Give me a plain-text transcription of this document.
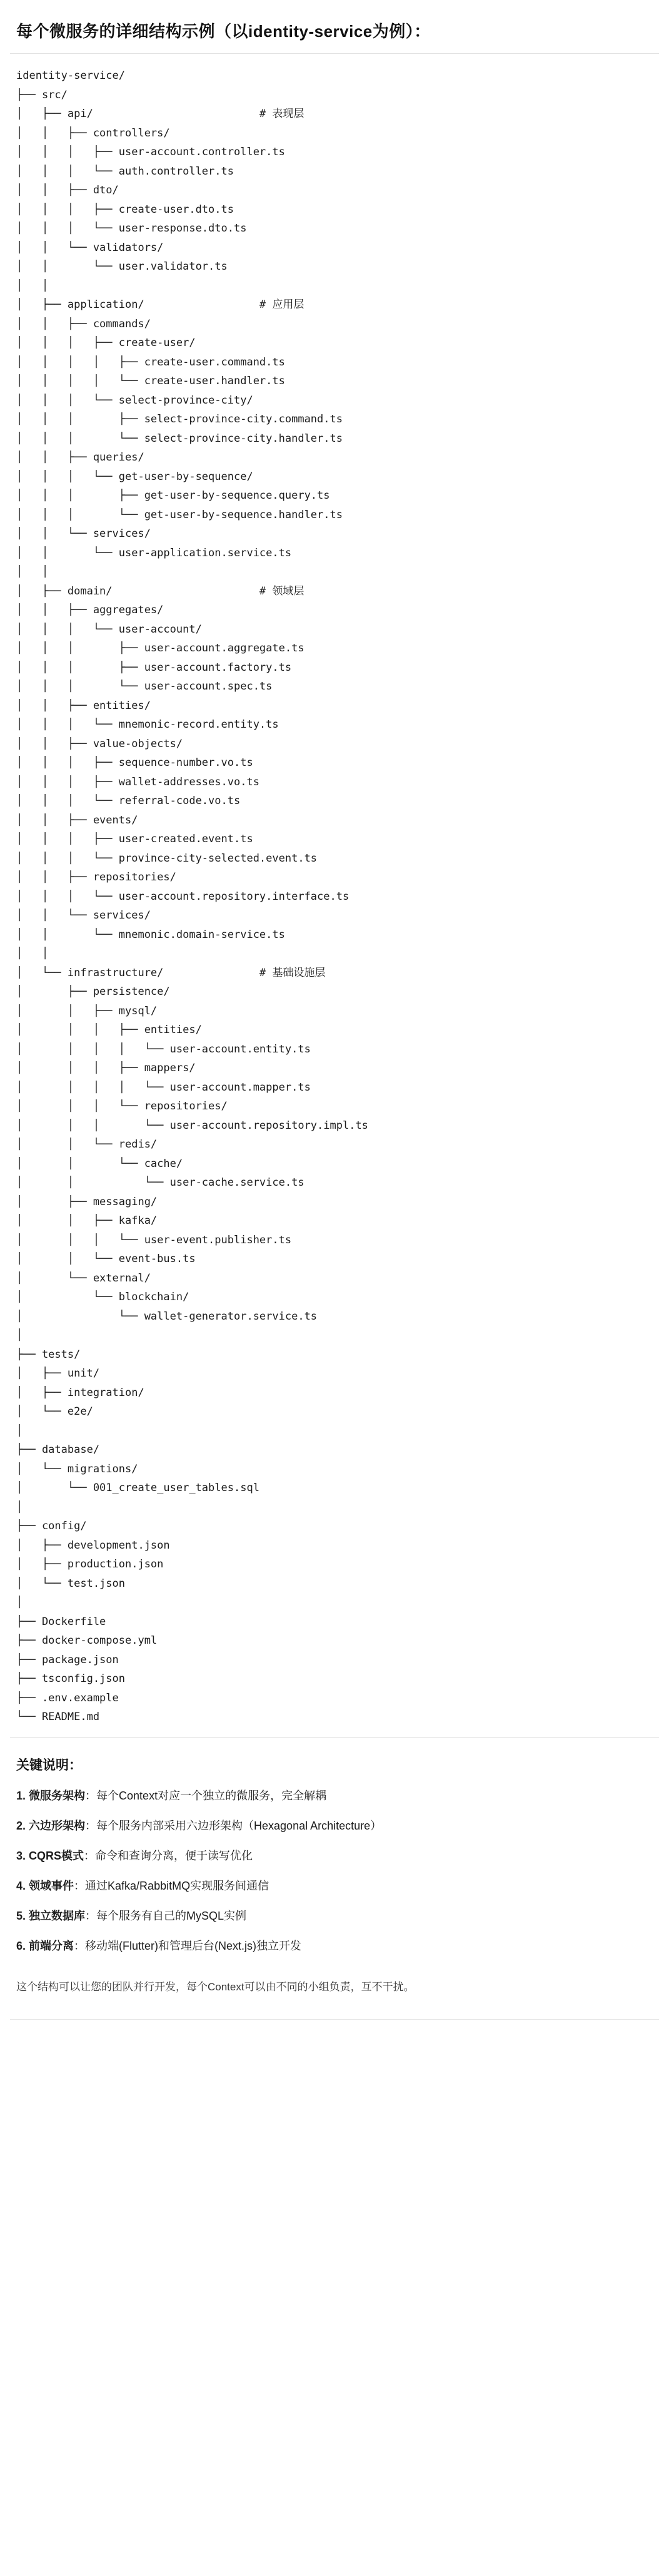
每个微服务的详细结构示例（以identity-service为例）：
identity-service/
├── src/
│   ├── api/                          # 表现层
│   │   ├── controllers/
│   │   │   ├── user-account.controller.ts
│   │   │   └── auth.controller.ts
│   │   ├── dto/
│   │   │   ├── create-user.dto.ts
│   │   │   └── user-response.dto.ts
│   │   └── validators/
│   │       └── user.validator.ts
│   │
│   ├── application/                  # 应用层
│   │   ├── commands/
│   │   │   ├── create-user/
│   │   │   │   ├── create-user.command.ts
│   │   │   │   └── create-user.handler.ts
│   │   │   └── select-province-city/
│   │   │       ├── select-province-city.command.ts
│   │   │       └── select-province-city.handler.ts
│   │   ├── queries/
│   │   │   └── get-user-by-sequence/
│   │   │       ├── get-user-by-sequence.query.ts
│   │   │       └── get-user-by-sequence.handler.ts
│   │   └── services/
│   │       └── user-application.service.ts
│   │
│   ├── domain/                       # 领域层
│   │   ├── aggregates/
│   │   │   └── user-account/
│   │   │       ├── user-account.aggregate.ts
│   │   │       ├── user-account.factory.ts
│   │   │       └── user-account.spec.ts
│   │   ├── entities/
│   │   │   └── mnemonic-record.entity.ts
│   │   ├── value-objects/
│   │   │   ├── sequence-number.vo.ts
│   │   │   ├── wallet-addresses.vo.ts
│   │   │   └── referral-code.vo.ts
│   │   ├── events/
│   │   │   ├── user-created.event.ts
│   │   │   └── province-city-selected.event.ts
│   │   ├── repositories/
│   │   │   └── user-account.repository.interface.ts
│   │   └── services/
│   │       └── mnemonic.domain-service.ts
│   │
│   └── infrastructure/               # 基础设施层
│       ├── persistence/
│       │   ├── mysql/
│       │   │   ├── entities/
│       │   │   │   └── user-account.entity.ts
│       │   │   ├── mappers/
│       │   │   │   └── user-account.mapper.ts
│       │   │   └── repositories/
│       │   │       └── user-account.repository.impl.ts
│       │   └── redis/
│       │       └── cache/
│       │           └── user-cache.service.ts
│       ├── messaging/
│       │   ├── kafka/
│       │   │   └── user-event.publisher.ts
│       │   └── event-bus.ts
│       └── external/
│           └── blockchain/
│               └── wallet-generator.service.ts
│
├── tests/
│   ├── unit/
│   ├── integration/
│   └── e2e/
│
├── database/
│   └── migrations/
│       └── 001_create_user_tables.sql
│
├── config/
│   ├── development.json
│   ├── production.json
│   └── test.json
│
├── Dockerfile
├── docker-compose.yml
├── package.json
├── tsconfig.json
├── .env.example
└── README.md
关键说明：
1. 微服务架构：每个Context对应一个独立的微服务，完全解耦
2. 六边形架构：每个服务内部采用六边形架构（Hexagonal Architecture）
3. CQRS模式：命令和查询分离，便于读写优化
4. 领域事件：通过Kafka/RabbitMQ实现服务间通信
5. 独立数据库：每个服务有自己的MySQL实例
6. 前端分离：移动端(Flutter)和管理后台(Next.js)独立开发
这个结构可以让您的团队并行开发，每个Context可以由不同的小组负责，互不干扰。
